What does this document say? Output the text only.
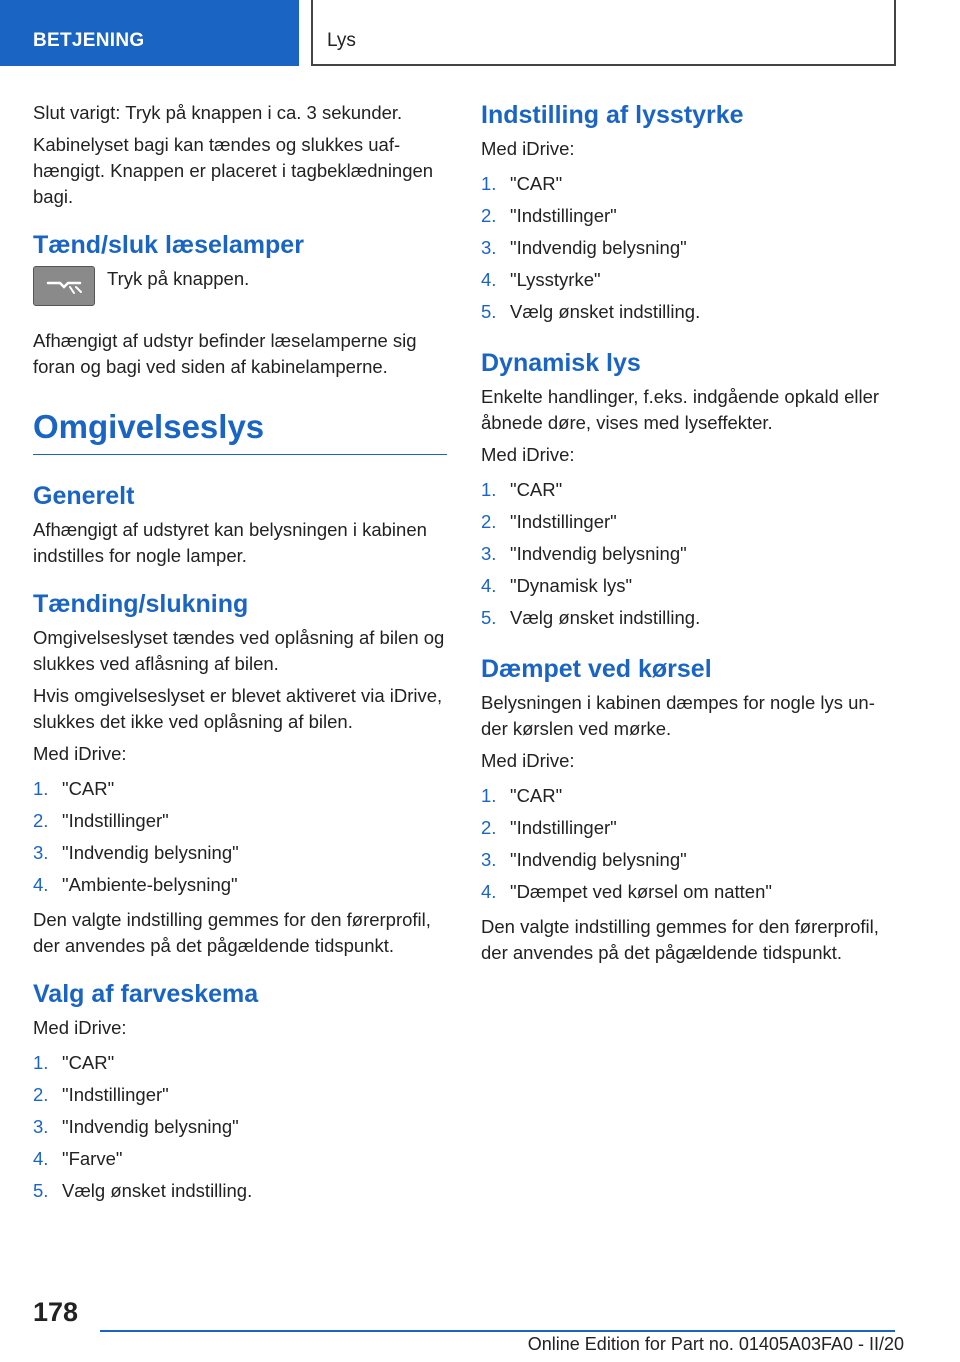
BETJENING	Lys

Slut varigt: Tryk på knappen i ca. 3 sekunder.

Kabinelyset bagi kan tændes og slukkes uafhængigt. Knappen er placeret i tagbeklædningen bagi.

Tænd/sluk læselamper
Tryk på knappen.

Afhængigt af udstyr befinder læselamperne sig foran og bagi ved siden af kabinelamperne.

Omgivelseslys
Generelt

Afhængigt af udstyret kan belysningen i kabinen indstilles for nogle lamper.

Tænding/slukning

Omgivelseslyset tændes ved oplåsning af bilen og slukkes ved aflåsning af bilen.

Hvis omgivelseslyset er blevet aktiveret via iDrive, slukkes det ikke ved oplåsning af bilen.

Med iDrive:

1. "CAR"
2. "Indstillinger"
3. "Indvendig belysning"
4. "Ambiente-belysning"

Den valgte indstilling gemmes for den førerprofil, der anvendes på det pågældende tidspunkt.

Valg af farveskema

Med iDrive:

1. "CAR"
2. "Indstillinger"
3. "Indvendig belysning"
4. "Farve"
5. Vælg ønsket indstilling.
Indstilling af lysstyrke

Med iDrive:

1. "CAR"
2. "Indstillinger"
3. "Indvendig belysning"
4. "Lysstyrke"
5. Vælg ønsket indstilling.
Dynamisk lys

Enkelte handlinger, f.eks. indgående opkald eller åbnede døre, vises med lyseffekter.

Med iDrive:

1. "CAR"
2. "Indstillinger"
3. "Indvendig belysning"
4. "Dynamisk lys"
5. Vælg ønsket indstilling.
Dæmpet ved kørsel

Belysningen i kabinen dæmpes for nogle lys under kørslen ved mørke.

Med iDrive:

1. "CAR"
2. "Indstillinger"
3. "Indvendig belysning"
4. "Dæmpet ved kørsel om natten"

Den valgte indstilling gemmes for den førerprofil, der anvendes på det pågældende tidspunkt.

178
Online Edition for Part no. 01405A03FA0 - II/20
